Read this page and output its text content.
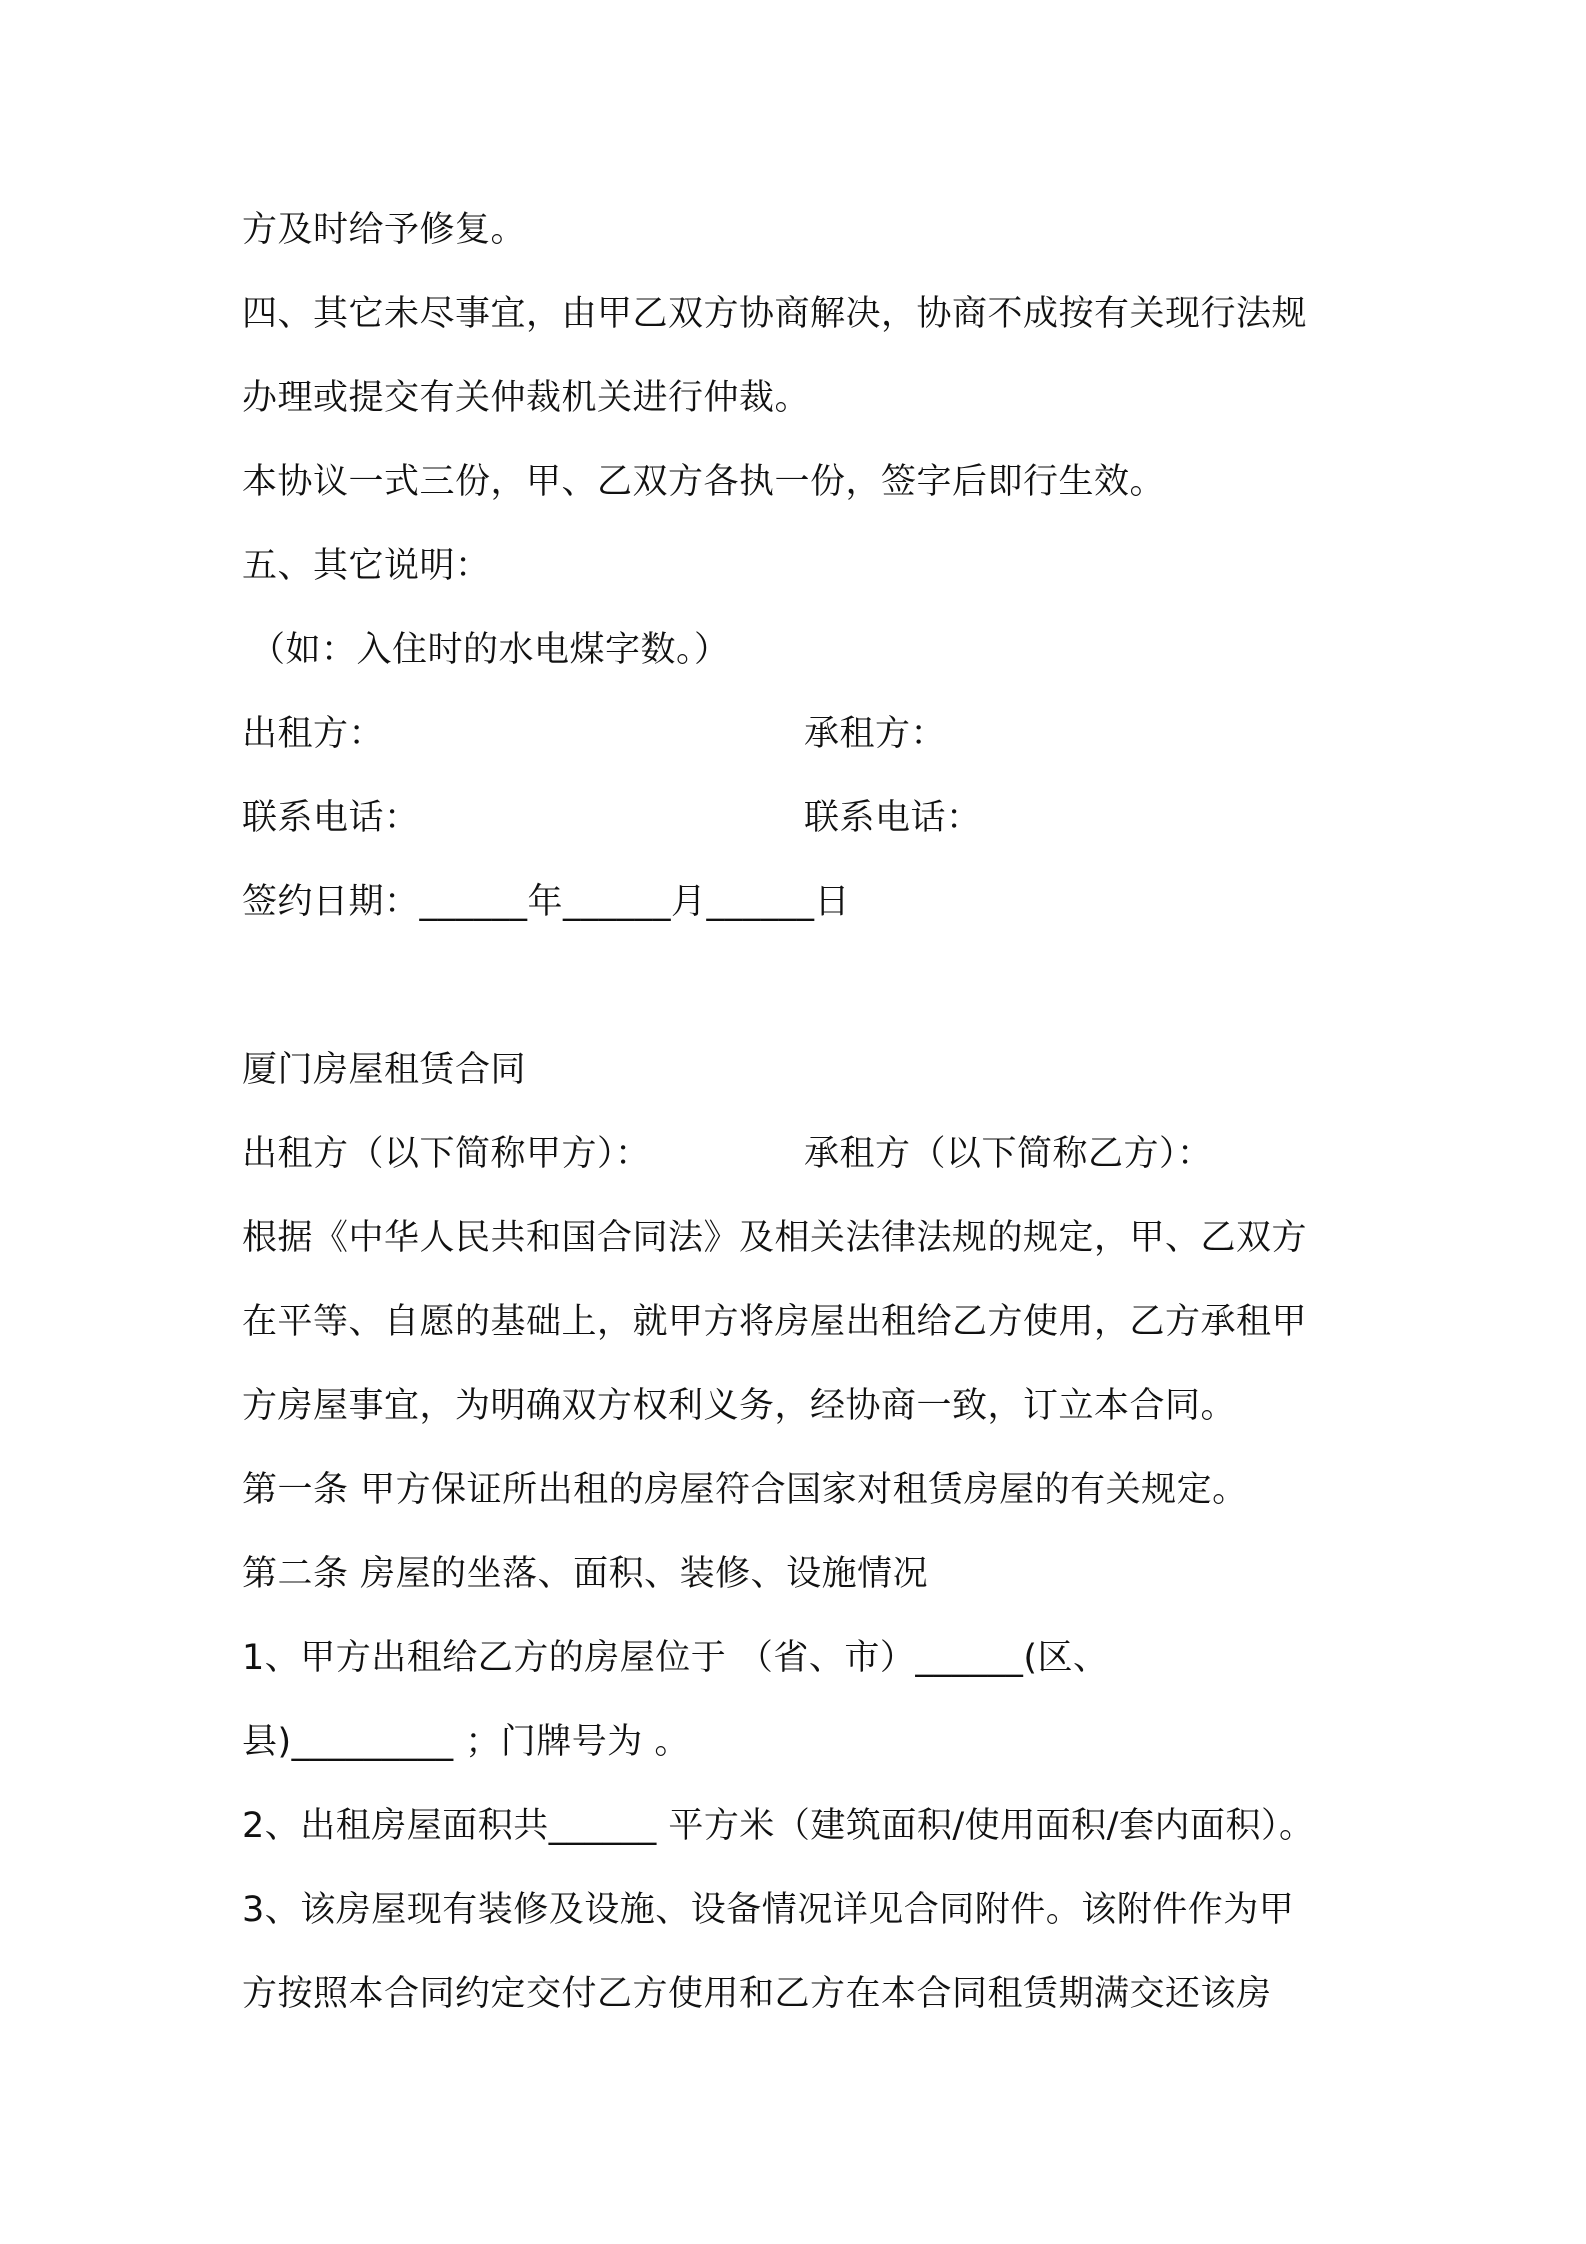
方及时给予修复。
四、其它未尽事宜，由甲乙双方协商解决，协商不成按有关现行法规
办理或提交有关仲裁机关进行仲裁。
本协议一式三份，甲、乙双方各执一份，签字后即行生效。
五、其它说明：
（如：入住时的水电煤字数。）
出租方：	承租方：
联系电话：	联系电话：
签约日期：______年______月______日
厦门房屋租赁合同
出租方（以下简称甲方）：	承租方（以下简称乙方）：
根据《中华人民共和国合同法》及相关法律法规的规定，甲、乙双方
在平等、自愿的基础上，就甲方将房屋出租给乙方使用，乙方承租甲
方房屋事宜，为明确双方权利义务，经协商一致，订立本合同。
第一条 甲方保证所出租的房屋符合国家对租赁房屋的有关规定。
第二条 房屋的坐落、面积、装修、设施情况
1、甲方出租给乙方的房屋位于 （省、市）______(区、
县)_________ ；门牌号为 。
2、出租房屋面积共______ 平方米（建筑面积/使用面积/套内面积）。
3、该房屋现有装修及设施、设备情况详见合同附件。该附件作为甲
方按照本合同约定交付乙方使用和乙方在本合同租赁期满交还该房
